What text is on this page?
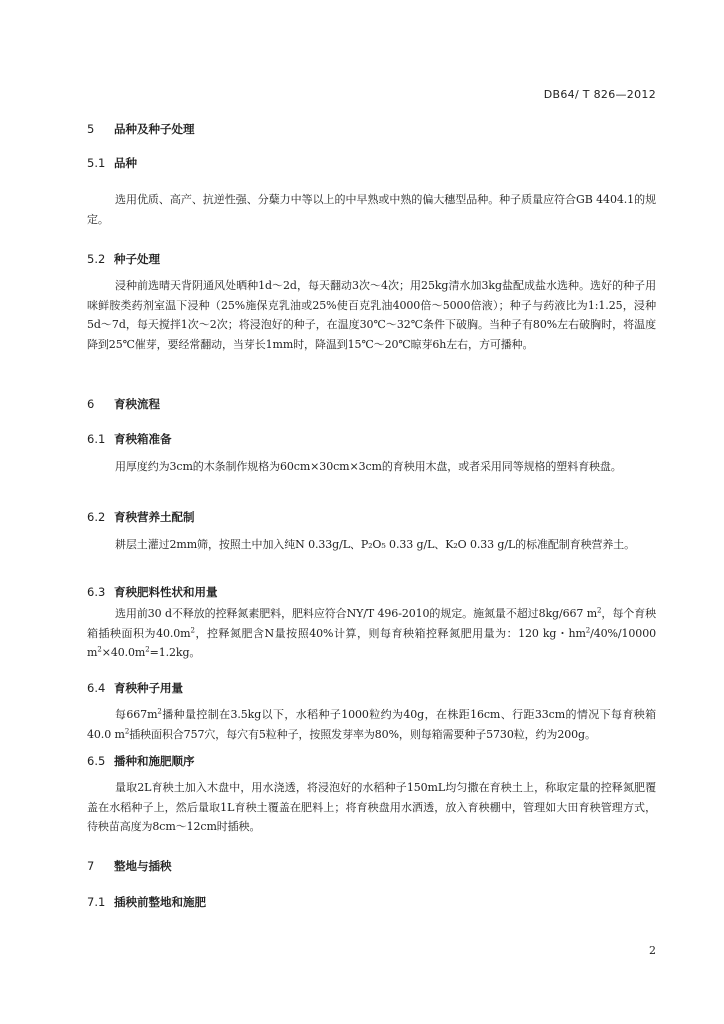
DB64/ T 826—2012
5 品种及种子处理
5.1 品种
选用优质、高产、抗逆性强、分蘖力中等以上的中早熟或中熟的偏大穗型品种。种子质量应符合GB 4404.1的规定。
5.2 种子处理
浸种前选晴天背阴通风处晒种1d～2d，每天翻动3次～4次；用25kg清水加3kg盐配成盐水选种。选好的种子用咪鲜胺类药剂室温下浸种（25%施保克乳油或25%使百克乳油4000倍～5000倍液）；种子与药液比为1:1.25，浸种5d～7d，每天搅拌1次～2次；将浸泡好的种子，在温度30℃～32℃条件下破胸。当种子有80%左右破胸时，将温度降到25℃催芽，要经常翻动，当芽长1mm时，降温到15℃～20℃晾芽6h左右，方可播种。
6 育秧流程
6.1 育秧箱准备
用厚度约为3cm的木条制作规格为60cm×30cm×3cm的育秧用木盘，或者采用同等规格的塑料育秧盘。
6.2 育秧营养土配制
耕层土灌过2mm筛，按照土中加入纯N 0.33g/L、P₂O₅ 0.33 g/L、K₂O 0.33 g/L的标准配制育秧营养土。
6.3 育秧肥料性状和用量
选用前30 d不释放的控释氮素肥料，肥料应符合NY/T 496-2010的规定。施氮量不超过8kg/667 $m^2$，每个育秧箱插秧面积为$40.0m^2$，控释氮肥含N量按照40%计算，则每育秧箱控释氮肥用量为：120 kg・$hm^2/40\%/10000$ $m^2\times 40.0m^2=1.2kg$。
6.4 育秧种子用量
每$667m^2$播种量控制在3.5kg以下，水稻种子1000粒约为40g，在株距16cm、行距33cm的情况下每育秧箱40.0 $m^2$插秧面积合757穴，每穴有5粒种子，按照发芽率为80%，则每箱需要种子5730粒，约为200g。
6.5 播种和施肥顺序
量取2L育秧土加入木盘中，用水浇透，将浸泡好的水稻种子150mL均匀撒在育秧土上，称取定量的控释氮肥覆盖在水稻种子上，然后量取1L育秧土覆盖在肥料上；将育秧盘用水洒透，放入育秧棚中，管理如大田育秧管理方式，待秧苗高度为8cm～12cm时插秧。
7 整地与插秧
7.1 插秧前整地和施肥
2
